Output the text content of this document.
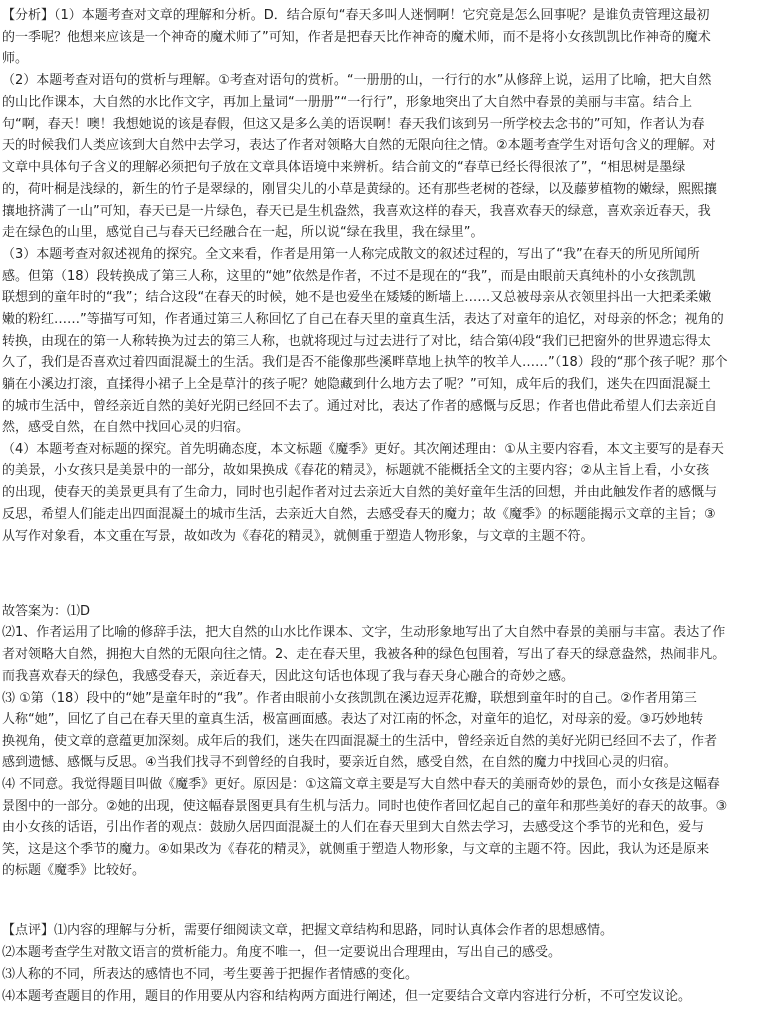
【分析】（1）本题考查对文章的理解和分析。D．结合原句“春天多叫人迷惘啊！它究竟是怎么回事呢？是谁负责管理这最初
的一季呢？他想来应该是一个神奇的魔术师了”可知，作者是把春天比作神奇的魔术师，而不是将小女孩凯凯比作神奇的魔术
师。
（2）本题考查对语句的赏析与理解。①考查对语句的赏析。“一册册的山，一行行的水”从修辞上说，运用了比喻，把大自然
的山比作课本，大自然的水比作文字，再加上量词“一册册”“一行行”，形象地突出了大自然中春景的美丽与丰富。结合上
句“啊，春天！噢！我想她说的该是春假，但这又是多么美的语误啊！春天我们该到另一所学校去念书的”可知，作者认为春
天的时候我们人类应该到大自然中去学习，表达了作者对领略大自然的无限向往之情。②本题考查学生对语句含义的理解。对
文章中具体句子含义的理解必须把句子放在文章具体语境中来辨析。结合前文的“春草已经长得很浓了”，“相思树是墨绿
的，荷叶桐是浅绿的，新生的竹子是翠绿的，刚冒尖儿的小草是黄绿的。还有那些老树的苍绿，以及藤萝植物的嫩绿，熙熙攘
攘地挤满了一山”可知，春天已是一片绿色，春天已是生机盎然，我喜欢这样的春天，我喜欢春天的绿意，喜欢亲近春天，我
走在绿色的山里，感觉自己与春天已经融合在一起，所以说“绿在我里，我在绿里”。
（3）本题考查对叙述视角的探究。全文来看，作者是用第一人称完成散文的叙述过程的，写出了“我”在春天的所见所闻所
感。但第（18）段转换成了第三人称，这里的“她”依然是作者，不过不是现在的“我”，而是由眼前天真纯朴的小女孩凯凯
联想到的童年时的“我”；结合这段“在春天的时候，她不是也爱坐在矮矮的断墙上……又总被母亲从衣领里抖出一大把柔柔嫩
嫩的粉红……”等描写可知，作者通过第三人称回忆了自己在春天里的童真生活，表达了对童年的追忆，对母亲的怀念；视角的
转换，由现在的第一人称转换为过去的第三人称，也就将现过与过去进行了对比，结合第⑷段“我们已把窗外的世界遗忘得太
久了，我们是否喜欢过着四面混凝土的生活。我们是否不能像那些溪畔草地上执竿的牧羊人……”（18）段的“那个孩子呢？那个
躺在小溪边打滚，直揉得小裙子上全是草汁的孩子呢？她隐藏到什么地方去了呢？”可知，成年后的我们，迷失在四面混凝土
的城市生活中，曾经亲近自然的美好光阴已经回不去了。通过对比，表达了作者的感慨与反思；作者也借此希望人们去亲近自
然，感受自然，在自然中找回心灵的归宿。
（4）本题考查对标题的探究。首先明确态度，本文标题《魔季》更好。其次阐述理由：①从主要内容看，本文主要写的是春天
的美景，小女孩只是美景中的一部分，故如果换成《春花的精灵》，标题就不能概括全文的主要内容；②从主旨上看，小女孩
的出现，使春天的美景更具有了生命力，同时也引起作者对过去亲近大自然的美好童年生活的回想，并由此触发作者的感慨与
反思，希望人们能走出四面混凝土的城市生活，去亲近大自然，去感受春天的魔力；故《魔季》的标题能揭示文章的主旨；③
从写作对象看，本文重在写景，故如改为《春花的精灵》，就侧重于塑造人物形象，与文章的主题不符。
故答案为：⑴D
⑵1、作者运用了比喻的修辞手法，把大自然的山水比作课本、文字，生动形象地写出了大自然中春景的美丽与丰富。表达了作
者对领略大自然，拥抱大自然的无限向往之情。2、走在春天里，我被各种的绿色包围着，写出了春天的绿意盎然，热闹非凡。
而我喜欢春天的绿色，我感受春天，亲近春天，因此这句话也体现了我与春天身心融合的奇妙之感。
⑶ ①第（18）段中的“她”是童年时的“我”。作者由眼前小女孩凯凯在溪边逗弄花瓣，联想到童年时的自己。②作者用第三
人称“她”，回忆了自己在春天里的童真生活，极富画面感。表达了对江南的怀念，对童年的追忆，对母亲的爱。③巧妙地转
换视角，使文章的意蕴更加深刻。成年后的我们，迷失在四面混凝土的生活中，曾经亲近自然的美好光阴已经回不去了，作者
感到遗憾、感慨与反思。④当我们找寻不到曾经的自我时，要亲近自然，感受自然，在自然的魔力中找回心灵的归宿。
⑷ 不同意。我觉得题目叫做《魔季》更好。原因是：①这篇文章主要是写大自然中春天的美丽奇妙的景色，而小女孩是这幅春
景图中的一部分。②她的出现，使这幅春景图更具有生机与活力。同时也使作者回忆起自己的童年和那些美好的春天的故事。③
由小女孩的话语，引出作者的观点：鼓励久居四面混凝土的人们在春天里到大自然去学习，去感受这个季节的光和色，爱与
笑，这是这个季节的魔力。④如果改为《春花的精灵》，就侧重于塑造人物形象，与文章的主题不符。因此，我认为还是原来
的标题《魔季》比较好。
【点评】⑴内容的理解与分析，需要仔细阅读文章，把握文章结构和思路，同时认真体会作者的思想感情。
⑵本题考查学生对散文语言的赏析能力。角度不唯一，但一定要说出合理理由，写出自己的感受。
⑶人称的不同，所表达的感情也不同，考生要善于把握作者情感的变化。
⑷本题考查题目的作用，题目的作用要从内容和结构两方面进行阐述，但一定要结合文章内容进行分析，不可空发议论。
